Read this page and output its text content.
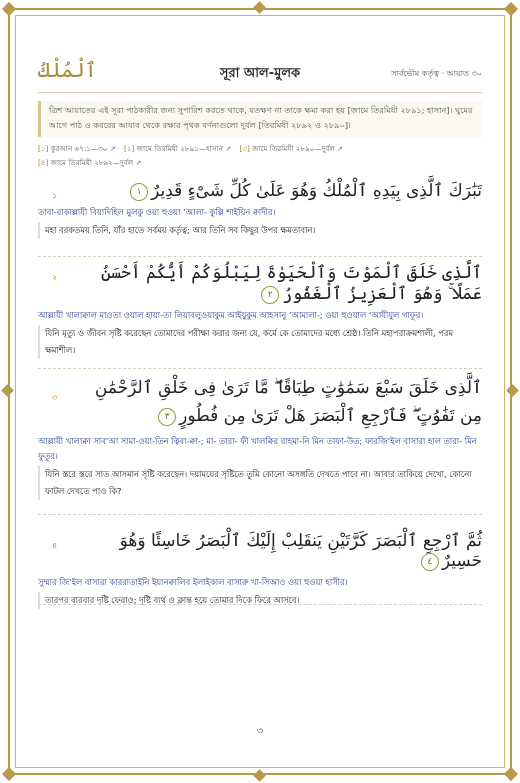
ٱلْمُلْكُ	সূরা আল-মুলক	সার্বভৌম কর্তৃত্ব · আয়াত ৩০
ত্রিশ আয়াতের এই সূরা পাঠকারীর জন্য সুপারিশ করতে থাকে, যতক্ষণ না তাকে ক্ষমা করা হয় [জামে তিরমিযী ২৮৯১; হাসান]। ঘুমের আগে পাঠ ও কবরের আযাব থেকে রক্ষার পৃথক বর্ণনাগুলো দুর্বল [তিরমিযী ২৮৯২ ও ২৮৯০]।
[১] কুরআন ৬৭:১—৩০ ↗ [২] জামে তিরমিযী ২৮৯১—হাসান ↗ [৩] জামে তিরমিযী ২৮৯০—দুর্বল ↗
[৪] জামে তিরমিযী ২৮৯২—দুর্বল ↗
১	تَبَٰرَكَ ٱلَّذِى بِيَدِهِ ٱلْمُلْكُ وَهُوَ عَلَىٰ كُلِّ شَىْءٍ قَدِيرٌ١
তাবা-রাকাল্লাযী বিয়াদিহিল মুলকু ওয়া হুওয়া ‘আলা- কুল্লি শাইয়িন ক্বাদীর।
মহা বরকতময় তিনি, যাঁর হাতে সর্বময় কর্তৃত্ব; আর তিনি সব কিছুর উপর ক্ষমতাবান।
২	ٱلَّذِى خَلَقَ ٱلْمَوْتَ وَٱلْحَيَوٰةَ لِيَبْلُوَكُمْ أَيُّكُمْ أَحْسَنُ عَمَلًا ۚ وَهُوَ ٱلْعَزِيزُ ٱلْغَفُورُ٢
আল্লাযী খালাক্বাল মাওতা ওয়াল হায়া-তা লিয়াবলুওয়াকুম আইয়ুকুম আহসানু ‘আমালা-; ওয়া হুওয়াল ‘আযীযুল গাফূর।
যিনি মৃত্যু ও জীবন সৃষ্টি করেছেন তোমাদের পরীক্ষা করার জন্য যে, কর্মে কে তোমাদের মধ্যে শ্রেষ্ঠ। তিনি মহাপরাক্রমশালী, পরম ক্ষমাশীল।
৩	ٱلَّذِى خَلَقَ سَبْعَ سَمَٰوَٰتٍ طِبَاقًا ۖ مَّا تَرَىٰ فِى خَلْقِ ٱلرَّحْمَٰنِ مِن تَفَٰوُتٍ ۖ فَٱرْجِعِ ٱلْبَصَرَ هَلْ تَرَىٰ مِن فُطُورٍ٣
আল্লাযী খালাক্বা সাব‘আ সামা-ওয়া-তিন ত্বিবা-ক্বা-; মা- তারা- ফী খালক্বির রাহমা-নি মিন তাফা-উত; ফারজি‘ইল বাসারা হাল তারা- মিন ফুতূর।
যিনি স্তরে স্তরে সাত আসমান সৃষ্টি করেছেন। দয়াময়ের সৃষ্টিতে তুমি কোনো অসঙ্গতি দেখতে পাবে না। আবার তাকিয়ে দেখো, কোনো ফাটল দেখতে পাও কি?
৪	ثُمَّ ٱرْجِعِ ٱلْبَصَرَ كَرَّتَيْنِ يَنقَلِبْ إِلَيْكَ ٱلْبَصَرُ خَاسِئًا وَهُوَ حَسِيرٌ٤
সুম্মার জি‘ইল বাসারা কাররাতাইনি ইয়ানক্বালিব ইলাইকাল বাসারু খা-সিআও ওয়া হুওয়া হাসীর।
তারপর বারবার দৃষ্টি ফেরাও; দৃষ্টি ব্যর্থ ও ক্লান্ত হয়ে তোমার দিকে ফিরে আসবে।
৩
